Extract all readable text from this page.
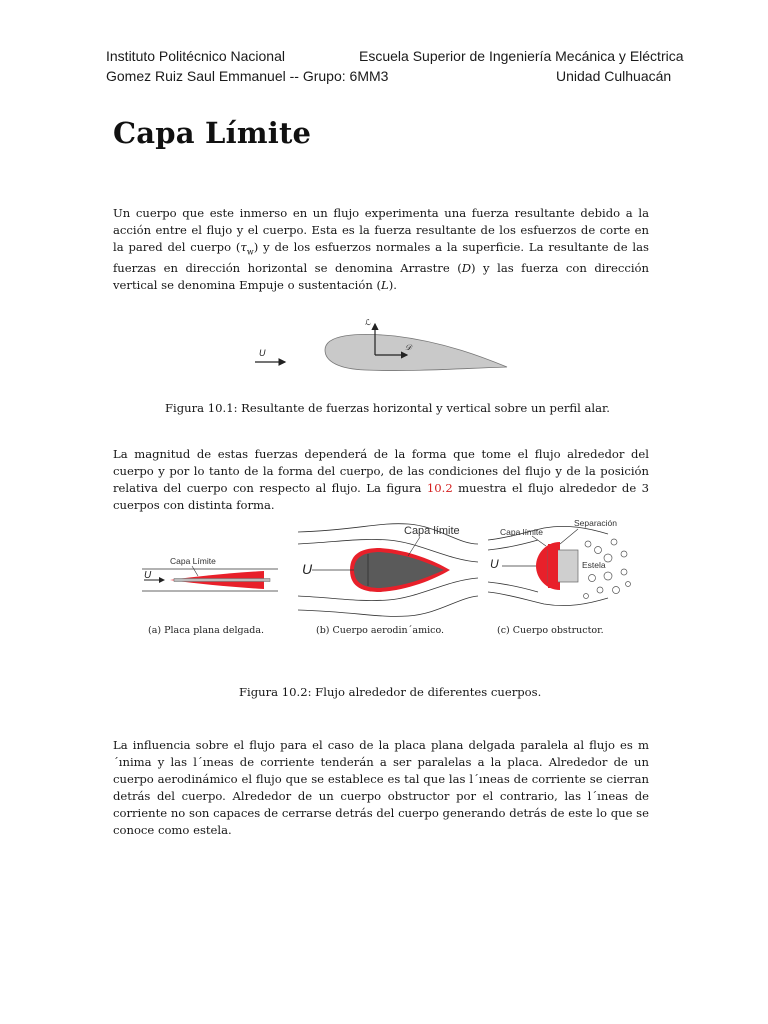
Instituto Politécnico Nacional	Escuela Superior de Ingeniería Mecánica y Eléctrica
Gomez Ruiz Saul Emmanuel -- Grupo: 6MM3	Unidad Culhuacán
Capa Límite
Un cuerpo que este inmerso en un flujo experimenta una fuerza resultante debido a la acción entre el flujo y el cuerpo. Esta es la fuerza resultante de los esfuerzos de corte en la pared del cuerpo $(\tau_w)$ y de los esfuerzos normales a la superficie. La resultante de las fuerzas en dirección horizontal se denomina Arrastre (D) y las fuerza con dirección vertical se denomina Empuje o sustentación (L).
U
ℒ
𝒟
Figura 10.1: Resultante de fuerzas horizontal y vertical sobre un perfil alar.
La magnitud de estas fuerzas dependerá de la forma que tome el flujo alrededor del cuerpo y por lo tanto de la forma del cuerpo, de las condiciones del flujo y de la posición relativa del cuerpo con respecto al flujo. La figura 10.2 muestra el flujo alrededor de 3 cuerpos con distinta forma.
U
Capa Límite
(a) Placa plana delgada.
U
Capa límite
(b) Cuerpo aerodin´amico.
U
Capa límite
Separación
Estela
(c) Cuerpo obstructor.
Figura 10.2: Flujo alrededor de diferentes cuerpos.
La influencia sobre el flujo para el caso de la placa plana delgada paralela al flujo es m´ınima y las l´ıneas de corriente tenderán a ser paralelas a la placa. Alrededor de un cuerpo aerodinámico el flujo que se establece es tal que las l´ıneas de corriente se cierran detrás del cuerpo. Alrededor de un cuerpo obstructor por el contrario, las l´ıneas de corriente no son capaces de cerrarse detrás del cuerpo generando detrás de este lo que se conoce como estela.
